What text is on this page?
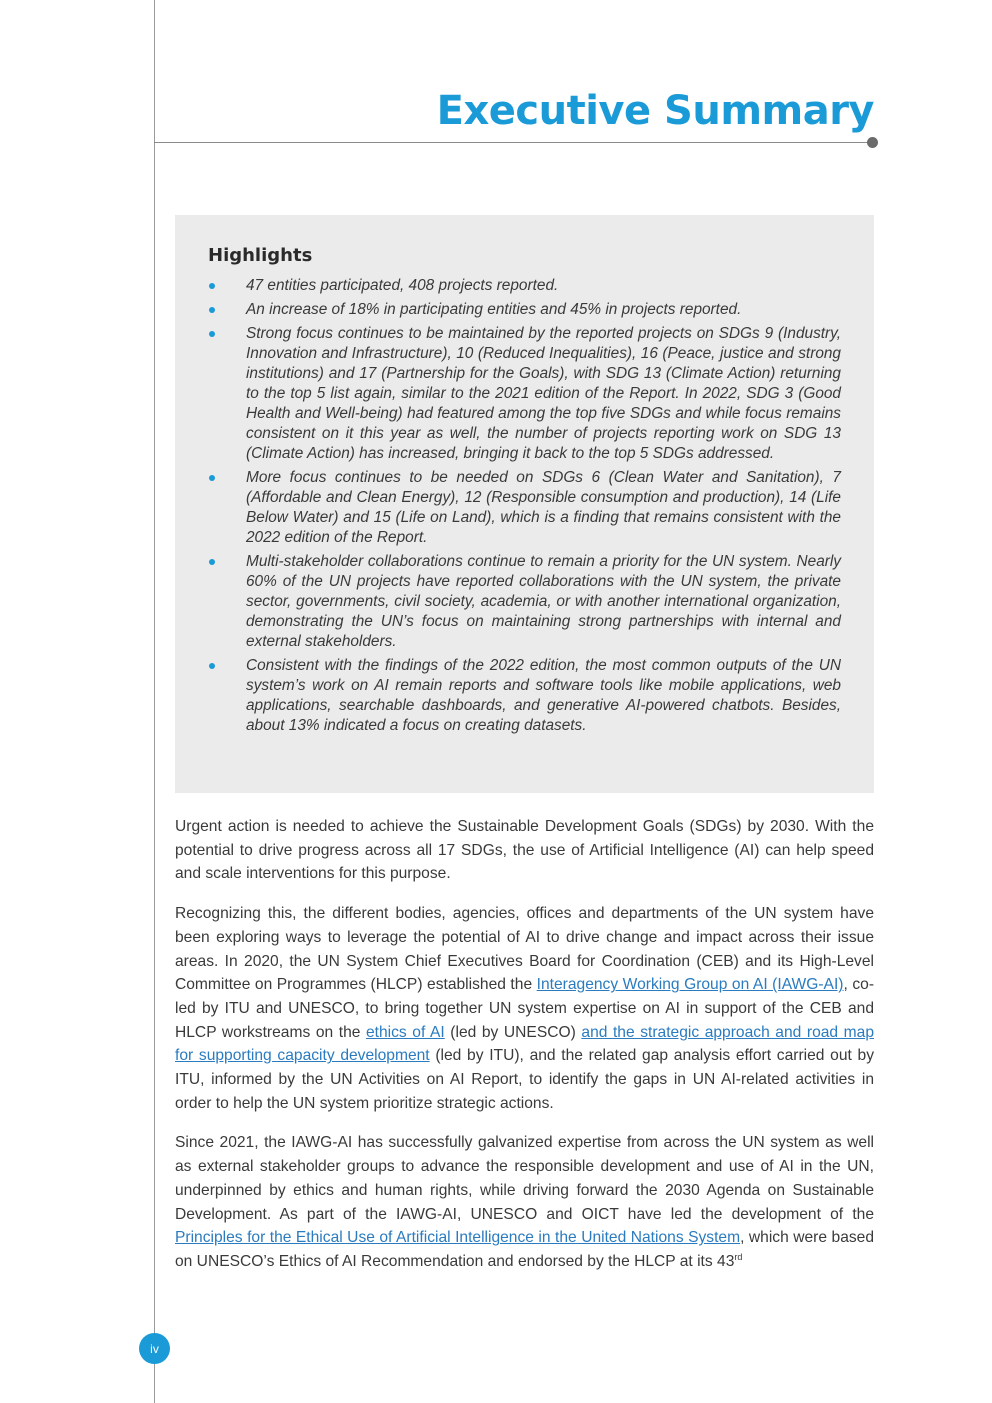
Executive Summary
Highlights
47 entities participated, 408 projects reported.
An increase of 18% in participating entities and 45% in projects reported.
Strong focus continues to be maintained by the reported projects on SDGs 9 (Industry, Innovation and Infrastructure), 10 (Reduced Inequalities), 16 (Peace, justice and strong institutions) and 17 (Partnership for the Goals), with SDG 13 (Climate Action) returning to the top 5 list again, similar to the 2021 edition of the Report. In 2022, SDG 3 (Good Health and Well-being) had featured among the top five SDGs and while focus remains consistent on it this year as well, the number of projects reporting work on SDG 13 (Climate Action) has increased, bringing it back to the top 5 SDGs addressed.
More focus continues to be needed on SDGs 6 (Clean Water and Sanitation), 7 (Affordable and Clean Energy), 12 (Responsible consumption and production), 14 (Life Below Water) and 15 (Life on Land), which is a finding that remains consistent with the 2022 edition of the Report.
Multi-stakeholder collaborations continue to remain a priority for the UN system. Nearly 60% of the UN projects have reported collaborations with the UN system, the private sector, governments, civil society, academia, or with another international organization, demonstrating the UN’s focus on maintaining strong partnerships with internal and external stakeholders.
Consistent with the findings of the 2022 edition, the most common outputs of the UN system’s work on AI remain reports and software tools like mobile applications, web applications, searchable dashboards, and generative AI-powered chatbots. Besides, about 13% indicated a focus on creating datasets.

Urgent action is needed to achieve the Sustainable Development Goals (SDGs) by 2030. With the potential to drive progress across all 17 SDGs, the use of Artificial Intelligence (AI) can help speed and scale interventions for this purpose.

Recognizing this, the different bodies, agencies, offices and departments of the UN system have been exploring ways to leverage the potential of AI to drive change and impact across their issue areas. In 2020, the UN System Chief Executives Board for Coordination (CEB) and its High-Level Committee on Programmes (HLCP) established the Interagency Working Group on AI (IAWG-AI), co-led by ITU and UNESCO, to bring together UN system expertise on AI in support of the CEB and HLCP workstreams on the ethics of AI (led by UNESCO) and the strategic approach and road map for supporting capacity development (led by ITU), and the related gap analysis effort carried out by ITU, informed by the UN Activities on AI Report, to identify the gaps in UN AI-related activities in order to help the UN system prioritize strategic actions.

Since 2021, the IAWG-AI has successfully galvanized expertise from across the UN system as well as external stakeholder groups to advance the responsible development and use of AI in the UN, underpinned by ethics and human rights, while driving forward the 2030 Agenda on Sustainable Development. As part of the IAWG-AI, UNESCO and OICT have led the development of the Principles for the Ethical Use of Artificial Intelligence in the United Nations System, which were based on UNESCO’s Ethics of AI Recommendation and endorsed by the HLCP at its 43rd

iv
